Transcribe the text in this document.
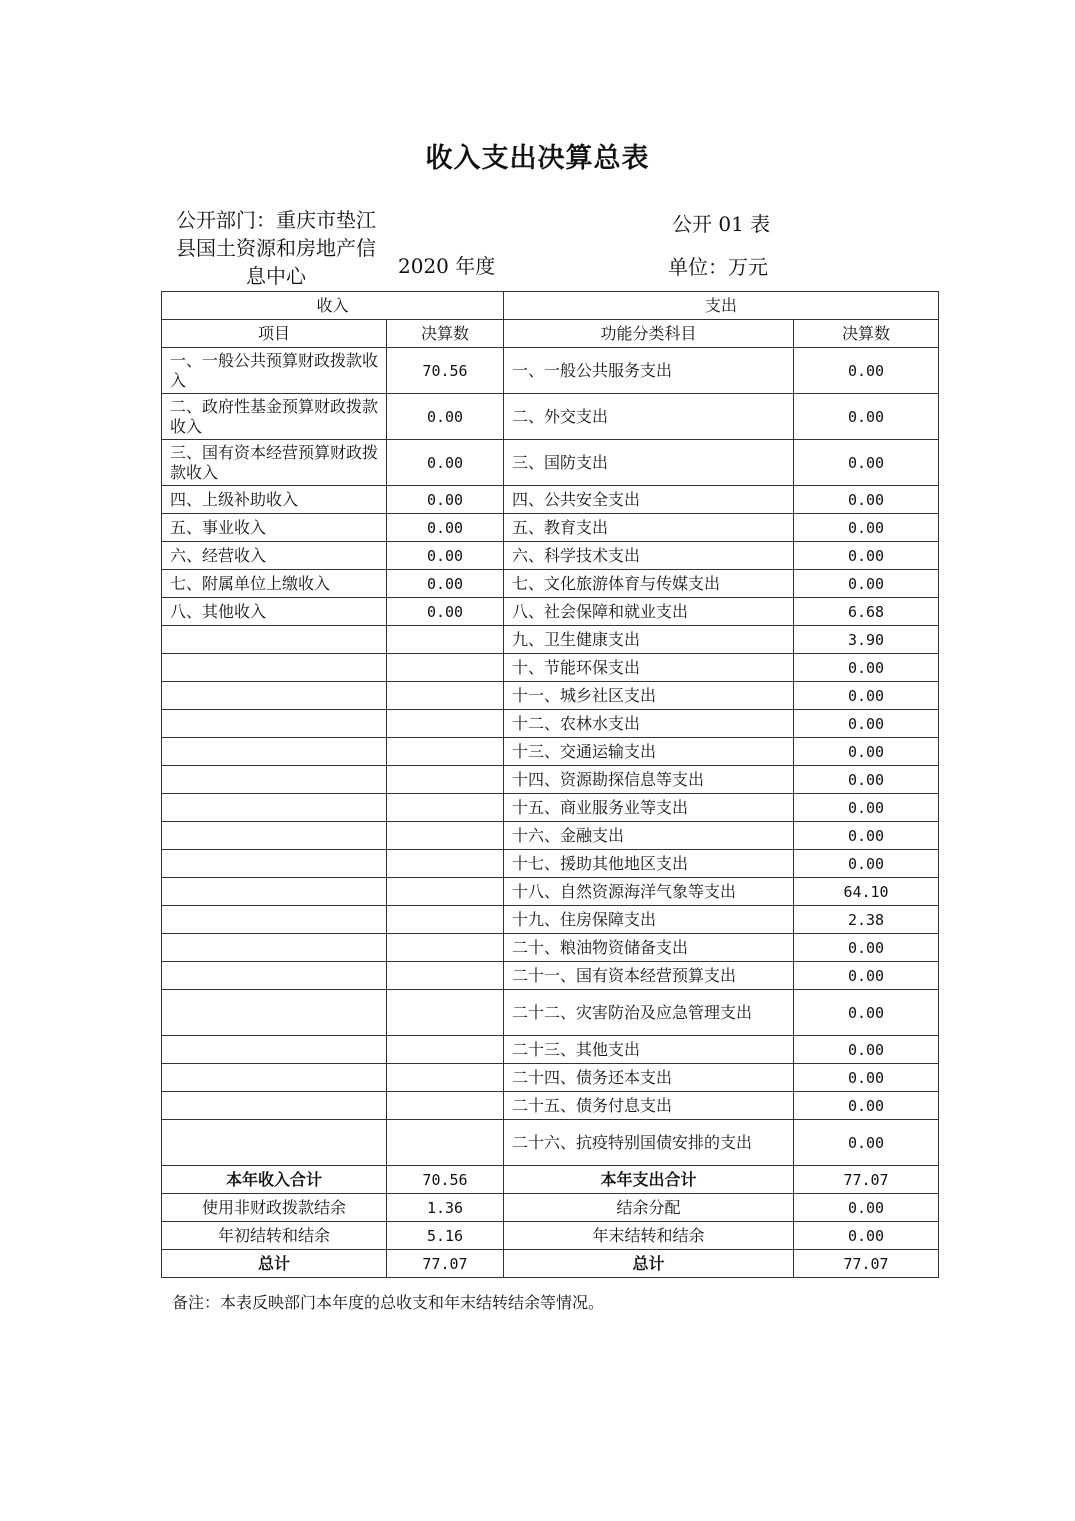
收入支出决算总表
公开部门：重庆市垫江县国土资源和房地产信息中心	2020 年度
公开 01 表
单位：万元
收入		支出	
项目	决算数	功能分类科目	决算数
一、一般公共预算财政拨款收入	70.56	一、一般公共服务支出	0.00
二、政府性基金预算财政拨款收入	0.00	二、外交支出	0.00
三、国有资本经营预算财政拨款收入	0.00	三、国防支出	0.00
四、上级补助收入	0.00	四、公共安全支出	0.00
五、事业收入	0.00	五、教育支出	0.00
六、经营收入	0.00	六、科学技术支出	0.00
七、附属单位上缴收入	0.00	七、文化旅游体育与传媒支出	0.00
八、其他收入	0.00	八、社会保障和就业支出	6.68
		九、卫生健康支出	3.90
		十、节能环保支出	0.00
		十一、城乡社区支出	0.00
		十二、农林水支出	0.00
		十三、交通运输支出	0.00
		十四、资源勘探信息等支出	0.00
		十五、商业服务业等支出	0.00
		十六、金融支出	0.00
		十七、援助其他地区支出	0.00
		十八、自然资源海洋气象等支出	64.10
		十九、住房保障支出	2.38
		二十、粮油物资储备支出	0.00
		二十一、国有资本经营预算支出	0.00
		二十二、灾害防治及应急管理支出	0.00
		二十三、其他支出	0.00
		二十四、债务还本支出	0.00
		二十五、债务付息支出	0.00
		二十六、抗疫特别国债安排的支出	0.00
本年收入合计	70.56	本年支出合计	77.07
使用非财政拨款结余	1.36	结余分配	0.00
年初结转和结余	5.16	年末结转和结余	0.00
总计	77.07	总计	77.07
备注：本表反映部门本年度的总收支和年末结转结余等情况。
